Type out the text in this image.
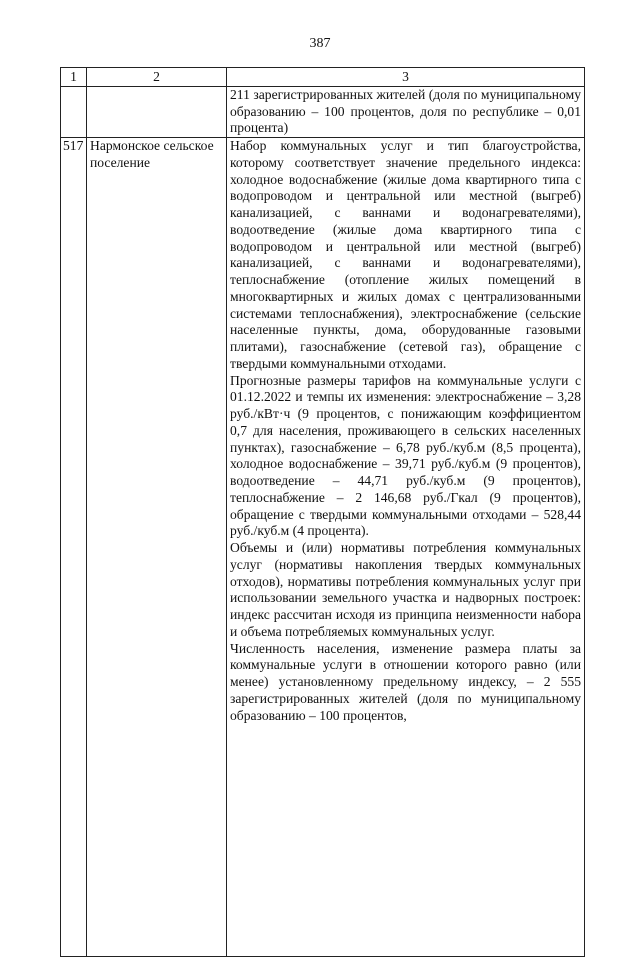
387
1	2	3

		211 зарегистрированных жителей (доля по муниципальному образованию – 100 процентов, доля по республике – 0,01 процента)

517	Нармонское сельское поселение	Набор коммунальных услуг и тип благоустройства, которому соответствует значение предельного индекса: холодное водоснабжение (жилые дома квартирного типа с водопроводом и центральной или местной (выгреб) канализацией, с ваннами и водонагревателями), водоотведение (жилые дома квартирного типа с водопроводом и центральной или местной (выгреб) канализацией, с ваннами и водонагревателями), теплоснабжение (отопление жилых помещений в многоквартирных и жилых домах с централизованными системами теплоснабжения), электроснабжение (сельские населенные пункты, дома, оборудованные газовыми плитами), газоснабжение (сетевой газ), обращение с твердыми коммунальными отходами.

Прогнозные размеры тарифов на коммунальные услуги с 01.12.2022 и темпы их изменения: электроснабжение – 3,28 руб./кВт·ч (9 процентов, с понижающим коэффициентом 0,7 для населения, проживающего в сельских населенных пунктах), газоснабжение – 6,78 руб./куб.м (8,5 процента), холодное водоснабжение – 39,71 руб./куб.м (9 процентов), водоотведение – 44,71 руб./куб.м (9 процентов), теплоснабжение – 2 146,68 руб./Гкал (9 процентов), обращение с твердыми коммунальными отходами – 528,44 руб./куб.м (4 процента).

Объемы и (или) нормативы потребления коммунальных услуг (нормативы накопления твердых коммунальных отходов), нормативы потребления коммунальных услуг при использовании земельного участка и надворных построек: индекс рассчитан исходя из принципа неизменности набора и объема потребляемых коммунальных услуг.

Численность населения, изменение размера платы за коммунальные услуги в отношении которого равно (или менее) установленному предельному индексу, – 2 555 зарегистрированных жителей (доля по муниципальному образованию – 100 процентов,
